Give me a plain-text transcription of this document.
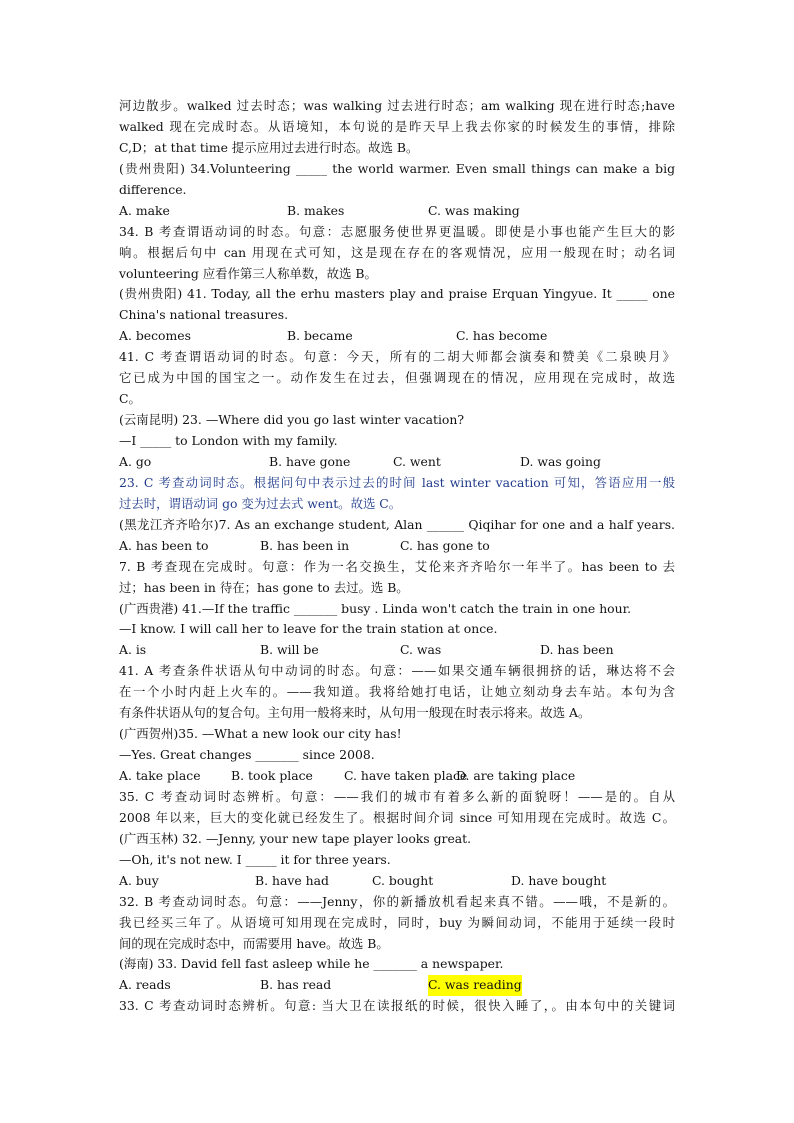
河边散步。walked 过去时态；was walking 过去进行时态；am walking 现在进行时态;have
walked 现在完成时态。从语境知，本句说的是昨天早上我去你家的时候发生的事情，排除
C,D；at that time 提示应用过去进行时态。故选 B。
(贵州贵阳) 34.Volunteering _____ the world warmer. Even small things can make a big
difference.
A. make	B. makes	C. was making
34. B 考查谓语动词的时态。句意：志愿服务使世界更温暖。即使是小事也能产生巨大的影
响。根据后句中 can 用现在式可知，这是现在存在的客观情况，应用一般现在时；动名词
volunteering 应看作第三人称单数，故选 B。
(贵州贵阳) 41. Today, all the erhu masters play and praise Erquan Yingyue. It _____ one
China's national treasures.
A. becomes	B. became	C. has become
41. C 考查谓语动词的时态。句意：今天，所有的二胡大师都会演奏和赞美《二泉映月》
它已成为中国的国宝之一。动作发生在过去，但强调现在的情况，应用现在完成时，故选
C。
(云南昆明) 23. —Where did you go last winter vacation?
—I _____ to London with my family.
A. go	B. have gone	C. went	D. was going
23. C 考查动词时态。根据问句中表示过去的时间 last winter vacation 可知，答语应用一般
过去时，谓语动词 go 变为过去式 went。故选 C。
(黑龙江齐齐哈尔)7. As an exchange student, Alan ______ Qiqihar for one and a half years.
A. has been to	B. has been in	C. has gone to
7. B 考查现在完成时。句意：作为一名交换生，艾伦来齐齐哈尔一年半了。has been to 去
过；has been in 待在；has gone to 去过。选 B。
(广西贵港) 41.—If the traffic _______ busy . Linda won't catch the train in one hour.
—I know. I will call her to leave for the train station at once.
A. is	B. will be	C. was	D. has been
41. A 考查条件状语从句中动词的时态。句意：——如果交通车辆很拥挤的话，琳达将不会
在一个小时内赶上火车的。——我知道。我将给她打电话，让她立刻动身去车站。本句为含
有条件状语从句的复合句。主句用一般将来时，从句用一般现在时表示将来。故选 A。
(广西贺州)35. —What a new look our city has!
—Yes. Great changes _______ since 2008.
A. take place B. took place	C. have taken place
D. are taking place
35. C 考查动词时态辨析。句意：——我们的城市有着多么新的面貌呀！——是的。自从
2008 年以来，巨大的变化就已经发生了。根据时间介词 since 可知用现在完成时。故选 C。
(广西玉林) 32. —Jenny, your new tape player looks great.
—Oh, it's not new. I _____ it for three years.
A. buy	B. have had	C. bought	D. have bought
32. B 考查动词时态。句意：——Jenny，你的新播放机看起来真不错。——哦，不是新的。
我已经买三年了。从语境可知用现在完成时，同时，buy 为瞬间动词，不能用于延续一段时
间的现在完成时态中，而需要用 have。故选 B。
(海南) 33. David fell fast asleep while he _______ a newspaper.
A. reads	B. has read	C. was reading
33. C 考查动词时态辨析。句意: 当大卫在读报纸的时候，很快入睡了，。由本句中的关键词
